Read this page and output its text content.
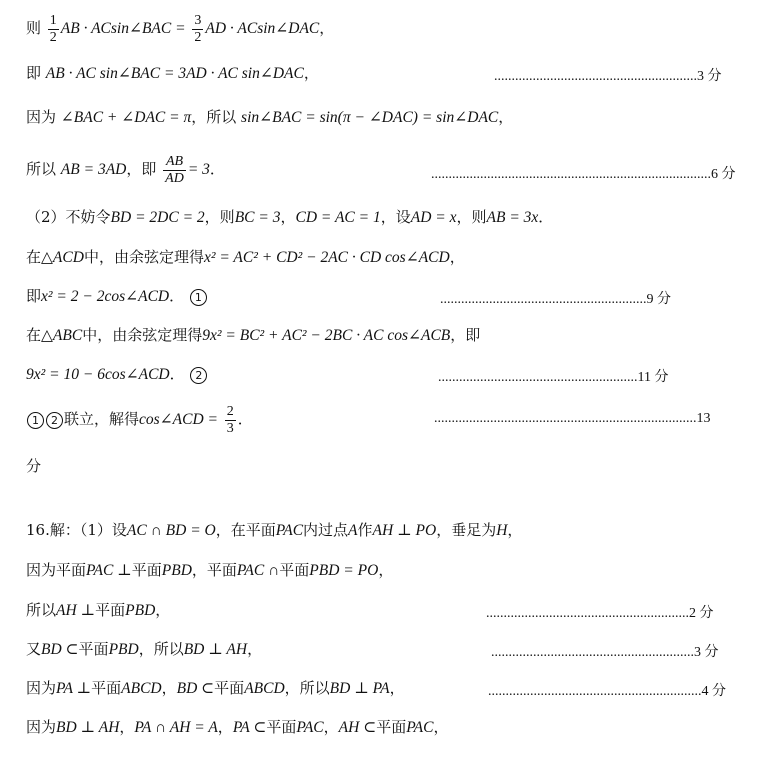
则 $\frac{1}{2}$ AB · ACsin∠BAC = $\frac{3}{2}$ AD · ACsin∠DAC，
即 AB · AC sin∠BAC = 3AD · AC sin∠DAC，	..........................................................3 分
因为 ∠BAC + ∠DAC = π，所以 sin∠BAC = sin(π − ∠DAC) = sin∠DAC，
所以 AB = 3AD，即 $\frac{AB}{AD} = 3$．	................................................................................6 分
（2）不妨令BD = 2DC = 2，则BC = 3，CD = AC = 1，设AD = x，则AB = 3x．
在△ACD中，由余弦定理得x² = AC² + CD² − 2AC · CD cos∠ACD，
即x² = 2 − 2cos∠ACD． 1	...........................................................9 分
在△ABC中，由余弦定理得9x² = BC² + AC² − 2BC · AC cos∠ACB，即
9x² = 10 − 6cos∠ACD． 2	.........................................................11 分
1 2 联立，解得cos∠ACD = $\frac{2}{3}$ ．	...........................................................................13
分
16.解：（1）设AC ∩ BD = O，在平面PAC内过点A作AH ⊥ PO，垂足为H，
因为平面PAC ⊥平面PBD，平面PAC ∩平面PBD = PO，
所以AH ⊥平面PBD，	..........................................................2 分
又BD ⊂平面PBD，所以BD ⊥ AH，	..........................................................3 分
因为PA ⊥平面ABCD，BD ⊂平面ABCD，所以BD ⊥ PA，	.............................................................4 分
因为BD ⊥ AH，PA ∩ AH = A，PA ⊂平面PAC，AH ⊂平面PAC，
